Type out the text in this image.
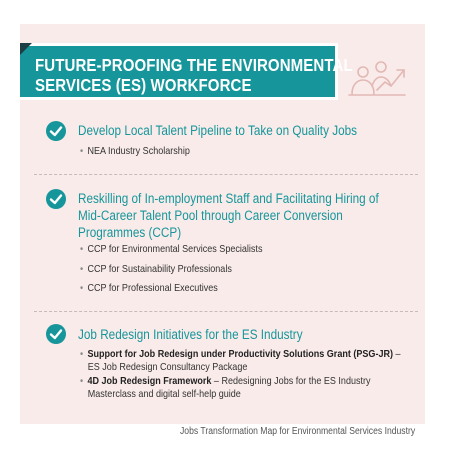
FUTURE-PROOFING THE ENVIRONMENTAL
SERVICES (ES) WORKFORCE
Develop Local Talent Pipeline to Take on Quality Jobs
• NEA Industry Scholarship
Reskilling of In-employment Staff and Facilitating Hiring of
Mid-Career Talent Pool through Career Conversion
Programmes (CCP)
• CCP for Environmental Services Specialists
• CCP for Sustainability Professionals
• CCP for Professional Executives
Job Redesign Initiatives for the ES Industry
• Support for Job Redesign under Productivity Solutions Grant (PSG-JR) –
ES Job Redesign Consultancy Package
• 4D Job Redesign Framework – Redesigning Jobs for the ES Industry
Masterclass and digital self-help guide
Jobs Transformation Map for Environmental Services Industry
